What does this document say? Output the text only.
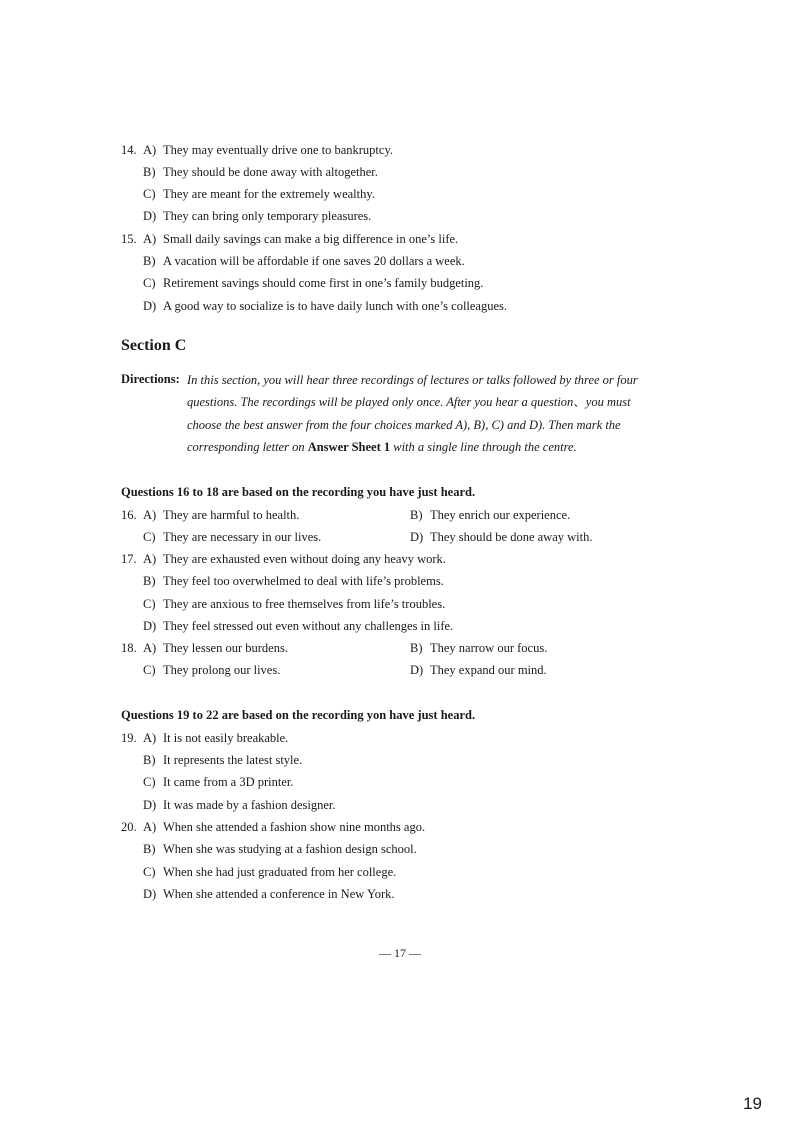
14. A) They may eventually drive one to bankruptcy.
B) They should be done away with altogether.
C) They are meant for the extremely wealthy.
D) They can bring only temporary pleasures.
15. A) Small daily savings can make a big difference in one’s life.
B) A vacation will be affordable if one saves 20 dollars a week.
C) Retirement savings should come first in one’s family budgeting.
D) A good way to socialize is to have daily lunch with one’s colleagues.
Section C
Directions: In this section, you will hear three recordings of lectures or talks followed by three or four
questions. The recordings will be played only once. After you hear a question、you must
choose the best answer from the four choices marked A), B), C) and D). Then mark the
corresponding letter on Answer Sheet 1 with a single line through the centre.
Questions 16 to 18 are based on the recording you have just heard.
16. A) They are harmful to health.	B) They enrich our experience.
C) They are necessary in our lives.	D) They should be done away with.
17. A) They are exhausted even without doing any heavy work.
B) They feel too overwhelmed to deal with life’s problems.
C) They are anxious to free themselves from life’s troubles.
D) They feel stressed out even without any challenges in life.
18. A) They lessen our burdens.	B) They narrow our focus.
C) They prolong our lives.	D) They expand our mind.
Questions 19 to 22 are based on the recording yon have just heard.
19. A) It is not easily breakable.
B) It represents the latest style.
C) It came from a 3D printer.
D) It was made by a fashion designer.
20. A) When she attended a fashion show nine months ago.
B) When she was studying at a fashion design school.
C) When she had just graduated from her college.
D) When she attended a conference in New York.
— 17 —
19
